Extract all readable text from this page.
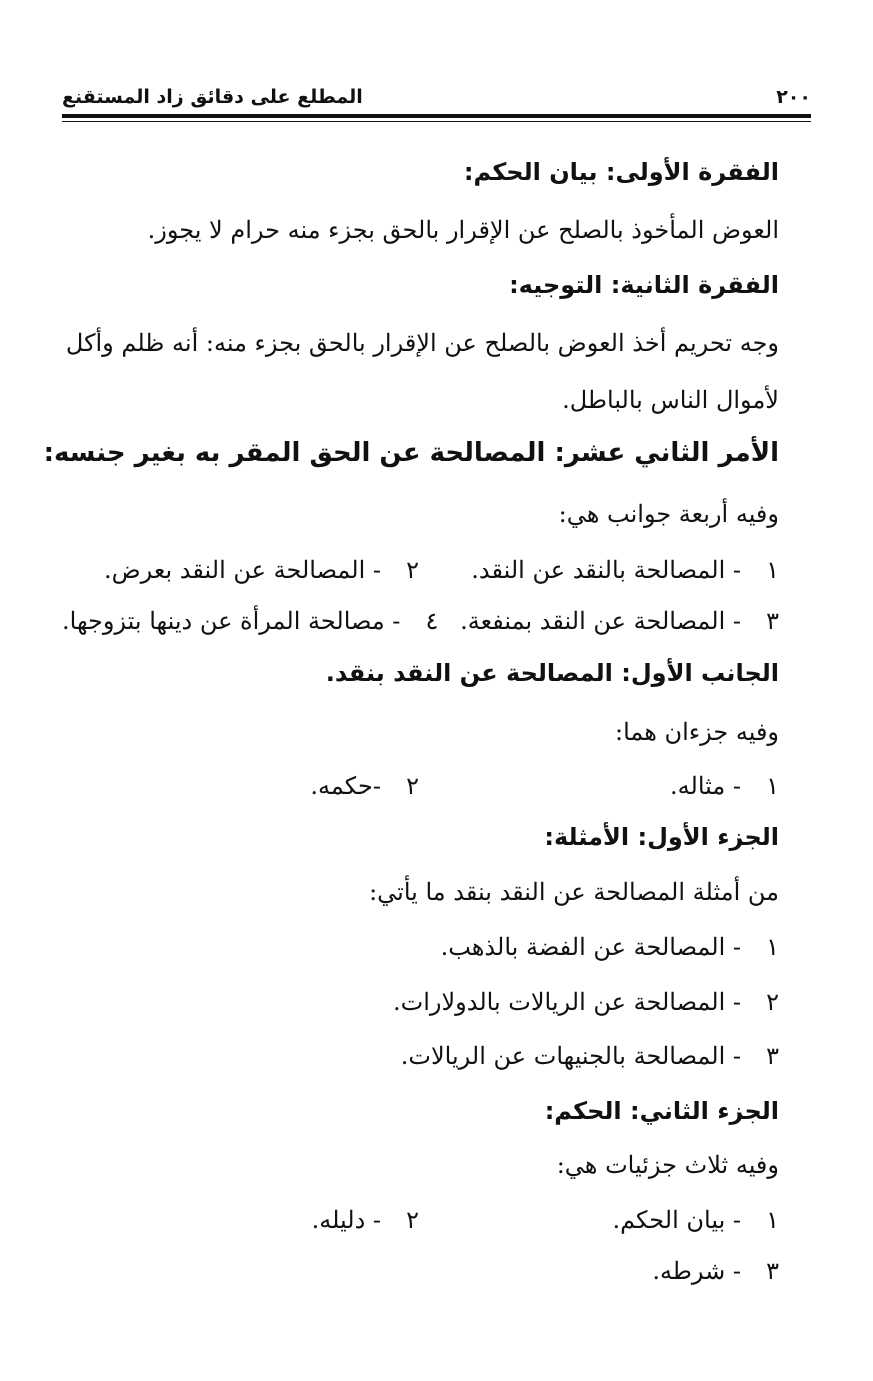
٢٠٠
المطلع على دقائق زاد المستقنع
الفقرة الأولى: بيان الحكم:
العوض المأخوذ بالصلح عن الإقرار بالحق بجزء منه حرام لا يجوز.
الفقرة الثانية: التوجيه:
وجه تحريم أخذ العوض بالصلح عن الإقرار بالحق بجزء منه: أنه ظلم وأكل
لأموال الناس بالباطل.
الأمر الثاني عشر: المصالحة عن الحق المقر به بغير جنسه:
وفيه أربعة جوانب هي:
١- المصالحة بالنقد عن النقد.
٢- المصالحة عن النقد بعرض.
٣- المصالحة عن النقد بمنفعة.
٤- مصالحة المرأة عن دينها بتزوجها.
الجانب الأول: المصالحة عن النقد بنقد.
وفيه جزءان هما:
١- مثاله.
٢-حكمه.
الجزء الأول: الأمثلة:
من أمثلة المصالحة عن النقد بنقد ما يأتي:
١- المصالحة عن الفضة بالذهب.
٢- المصالحة عن الريالات بالدولارات.
٣- المصالحة بالجنيهات عن الريالات.
الجزء الثاني: الحكم:
وفيه ثلاث جزئيات هي:
١- بيان الحكم.
٢- دليله.
٣- شرطه.
